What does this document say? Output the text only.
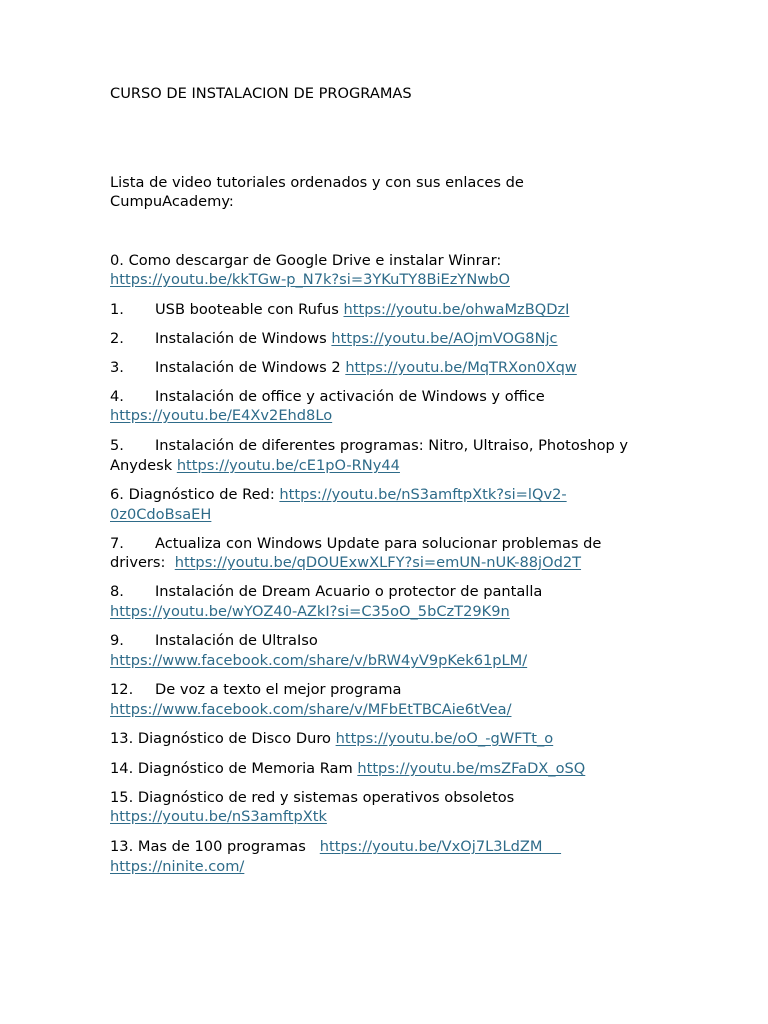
CURSO DE INSTALACION DE PROGRAMAS
Lista de video tutoriales ordenados y con sus enlaces de
CumpuAcademy:
0. Como descargar de Google Drive e instalar Winrar:
https://youtu.be/kkTGw-p_N7k?si=3YKuTY8BiEzYNwbO
1. USB booteable con Rufus https://youtu.be/ohwaMzBQDzI
2. Instalación de Windows https://youtu.be/AOjmVOG8Njc
3. Instalación de Windows 2 https://youtu.be/MqTRXon0Xqw
4. Instalación de office y activación de Windows y office
https://youtu.be/E4Xv2Ehd8Lo
5. Instalación de diferentes programas: Nitro, Ultraiso, Photoshop y
Anydesk https://youtu.be/cE1pO-RNy44
6. Diagnóstico de Red: https://youtu.be/nS3amftpXtk?si=lQv2-
0z0CdoBsaEH
7. Actualiza con Windows Update para solucionar problemas de
drivers:  https://youtu.be/qDOUExwXLFY?si=emUN-nUK-88jOd2T
8. Instalación de Dream Acuario o protector de pantalla
https://youtu.be/wYOZ40-AZkI?si=C35oO_5bCzT29K9n
9. Instalación de UltraIso
https://www.facebook.com/share/v/bRW4yV9pKek61pLM/
12. De voz a texto el mejor programa
https://www.facebook.com/share/v/MFbEtTBCAie6tVea/
13. Diagnóstico de Disco Duro https://youtu.be/oO_-gWFTt_o
14. Diagnóstico de Memoria Ram https://youtu.be/msZFaDX_oSQ
15. Diagnóstico de red y sistemas operativos obsoletos
https://youtu.be/nS3amftpXtk
13. Mas de 100 programas   https://youtu.be/VxOj7L3LdZM
https://ninite.com/
